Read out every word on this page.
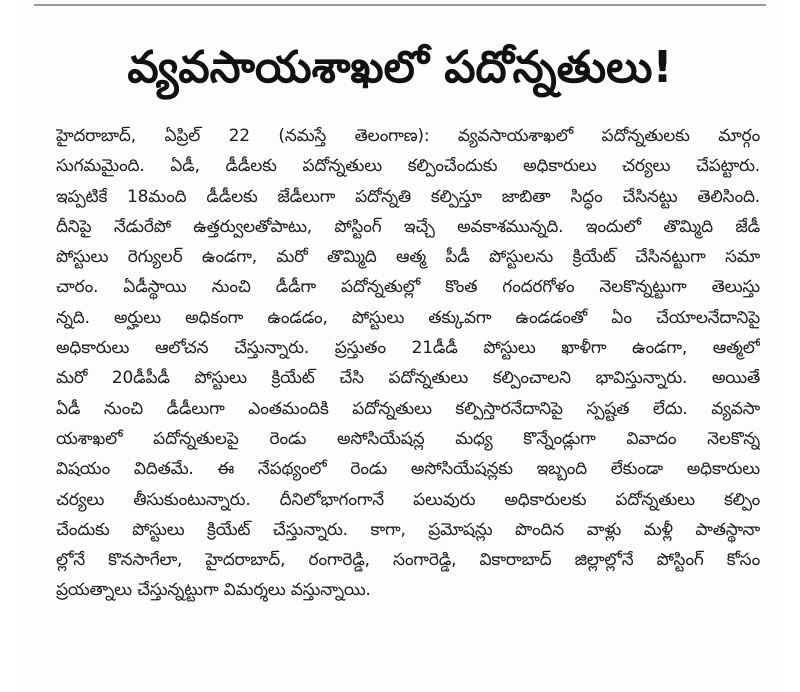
వ్యవసాయశాఖలో పదోన్నతులు!
హైదరాబాద్, ఏప్రిల్ 22 (నమస్తే తెలంగాణ): వ్యవసాయశాఖలో పదోన్నతులకు మార్గం
సుగమమైంది. ఏడీ, డీడీలకు పదోన్నతులు కల్పించేందుకు అధికారులు చర్యలు చేపట్టారు.
ఇప్పటికే 18మంది డీడీలకు జేడీలుగా పదోన్నతి కల్పిస్తూ జాబితా సిద్ధం చేసినట్టు తెలిసింది.
దీనిపై నేడురేపో ఉత్తర్వులతోపాటు, పోస్టింగ్ ఇచ్చే అవకాశమున్నది. ఇందులో తొమ్మిది జేడీ
పోస్టులు రెగ్యులర్ ఉండగా, మరో తొమ్మిది ఆత్మ పీడీ పోస్టులను క్రియేట్ చేసినట్టుగా సమా
చారం. ఏడీస్థాయి నుంచి డీడీగా పదోన్నతుల్లో కొంత గందరగోళం నెలకొన్నట్టుగా తెలుస్తు
న్నది. అర్హులు అధికంగా ఉండడం, పోస్టులు తక్కువగా ఉండడంతో ఏం చేయాలనేదానిపై
అధికారులు ఆలోచన చేస్తున్నారు. ప్రస్తుతం 21డీడీ పోస్టులు ఖాళీగా ఉండగా, ఆత్మలో
మరో 20డీపీడీ పోస్టులు క్రియేట్ చేసి పదోన్నతులు కల్పించాలని భావిస్తున్నారు. అయితే
ఏడీ నుంచి డీడీలుగా ఎంతమందికి పదోన్నతులు కల్పిస్తారనేదానిపై స్పష్టత లేదు. వ్యవసా
యశాఖలో పదోన్నతులపై రెండు అసోసియేషన్ల మధ్య కొన్నేండ్లుగా వివాదం నెలకొన్న
విషయం విదితమే. ఈ నేపథ్యంలో రెండు అసోసియేషన్లకు ఇబ్బంది లేకుండా అధికారులు
చర్యలు తీసుకుంటున్నారు. దీనిలోభాగంగానే పలువురు అధికారులకు పదోన్నతులు కల్పిం
చేందుకు పోస్టులు క్రియేట్ చేస్తున్నారు. కాగా, ప్రమోషన్లు పొందిన వాళ్లు మళ్లీ పాతస్థానా
ల్లోనే కొనసాగేలా, హైదరాబాద్, రంగారెడ్డి, సంగారెడ్డి, వికారాబాద్ జిల్లాల్లోనే పోస్టింగ్ కోసం
ప్రయత్నాలు చేస్తున్నట్టుగా విమర్శలు వస్తున్నాయి.
